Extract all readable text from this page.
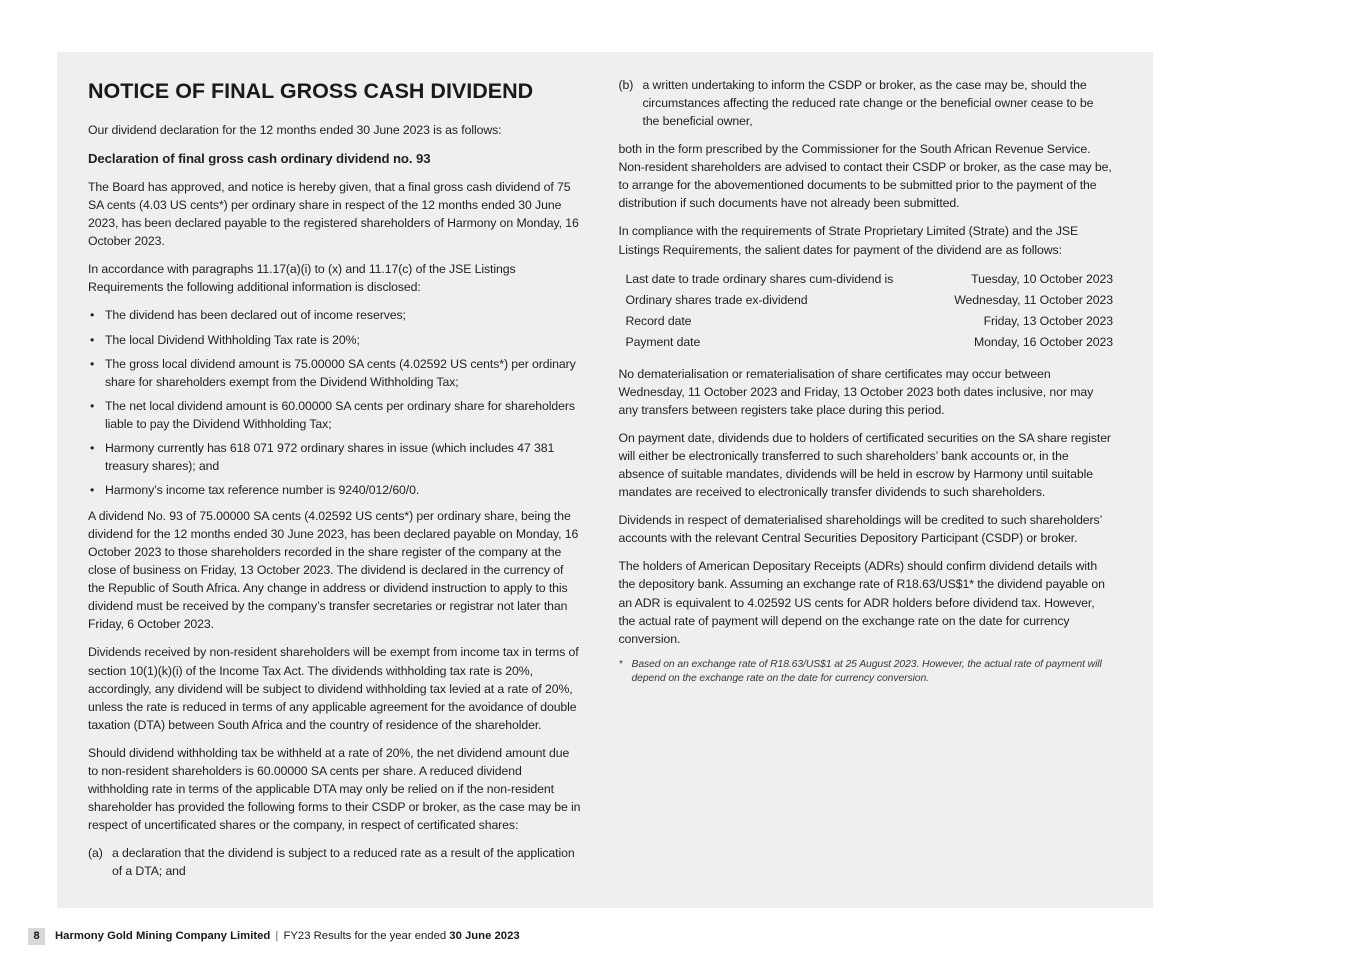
NOTICE OF FINAL GROSS CASH DIVIDEND

Our dividend declaration for the 12 months ended 30 June 2023 is as follows:

Declaration of final gross cash ordinary dividend no. 93

The Board has approved, and notice is hereby given, that a final gross cash dividend of 75 SA cents (4.03 US cents*) per ordinary share in respect of the 12 months ended 30 June 2023, has been declared payable to the registered shareholders of Harmony on Monday, 16 October 2023.

In accordance with paragraphs 11.17(a)(i) to (x) and 11.17(c) of the JSE Listings Requirements the following additional information is disclosed:

• The dividend has been declared out of income reserves;
• The local Dividend Withholding Tax rate is 20%;
• The gross local dividend amount is 75.00000 SA cents (4.02592 US cents*) per ordinary share for shareholders exempt from the Dividend Withholding Tax;
• The net local dividend amount is 60.00000 SA cents per ordinary share for shareholders liable to pay the Dividend Withholding Tax;
• Harmony currently has 618 071 972 ordinary shares in issue (which includes 47 381 treasury shares); and
• Harmony’s income tax reference number is 9240/012/60/0.

A dividend No. 93 of 75.00000 SA cents (4.02592 US cents*) per ordinary share, being the dividend for the 12 months ended 30 June 2023, has been declared payable on Monday, 16 October 2023 to those shareholders recorded in the share register of the company at the close of business on Friday, 13 October 2023. The dividend is declared in the currency of the Republic of South Africa. Any change in address or dividend instruction to apply to this dividend must be received by the company’s transfer secretaries or registrar not later than Friday, 6 October 2023.

Dividends received by non-resident shareholders will be exempt from income tax in terms of section 10(1)(k)(i) of the Income Tax Act. The dividends withholding tax rate is 20%, accordingly, any dividend will be subject to dividend withholding tax levied at a rate of 20%, unless the rate is reduced in terms of any applicable agreement for the avoidance of double taxation (DTA) between South Africa and the country of residence of the shareholder.

Should dividend withholding tax be withheld at a rate of 20%, the net dividend amount due to non-resident shareholders is 60.00000 SA cents per share. A reduced dividend withholding rate in terms of the applicable DTA may only be relied on if the non-resident shareholder has provided the following forms to their CSDP or broker, as the case may be in respect of uncertificated shares or the company, in respect of certificated shares:

(a) a declaration that the dividend is subject to a reduced rate as a result of the application of a DTA; and
(b) a written undertaking to inform the CSDP or broker, as the case may be, should the circumstances affecting the reduced rate change or the beneficial owner cease to be the beneficial owner,

both in the form prescribed by the Commissioner for the South African Revenue Service. Non-resident shareholders are advised to contact their CSDP or broker, as the case may be, to arrange for the abovementioned documents to be submitted prior to the payment of the distribution if such documents have not already been submitted.

In compliance with the requirements of Strate Proprietary Limited (Strate) and the JSE Listings Requirements, the salient dates for payment of the dividend are as follows:

Last date to trade ordinary shares cum-dividend is	Tuesday, 10 October 2023
Ordinary shares trade ex-dividend	Wednesday, 11 October 2023
Record date	Friday, 13 October 2023
Payment date	Monday, 16 October 2023

No dematerialisation or rematerialisation of share certificates may occur between Wednesday, 11 October 2023 and Friday, 13 October 2023 both dates inclusive, nor may any transfers between registers take place during this period.

On payment date, dividends due to holders of certificated securities on the SA share register will either be electronically transferred to such shareholders’ bank accounts or, in the absence of suitable mandates, dividends will be held in escrow by Harmony until suitable mandates are received to electronically transfer dividends to such shareholders.

Dividends in respect of dematerialised shareholdings will be credited to such shareholders’ accounts with the relevant Central Securities Depository Participant (CSDP) or broker.

The holders of American Depositary Receipts (ADRs) should confirm dividend details with the depository bank. Assuming an exchange rate of R18.63/US$1* the dividend payable on an ADR is equivalent to 4.02592 US cents for ADR holders before dividend tax. However, the actual rate of payment will depend on the exchange rate on the date for currency conversion.

* Based on an exchange rate of R18.63/US$1 at 25 August 2023. However, the actual rate of payment will depend on the exchange rate on the date for currency conversion.
8	Harmony Gold Mining Company Limited | FY23 Results for the year ended 30 June 2023
